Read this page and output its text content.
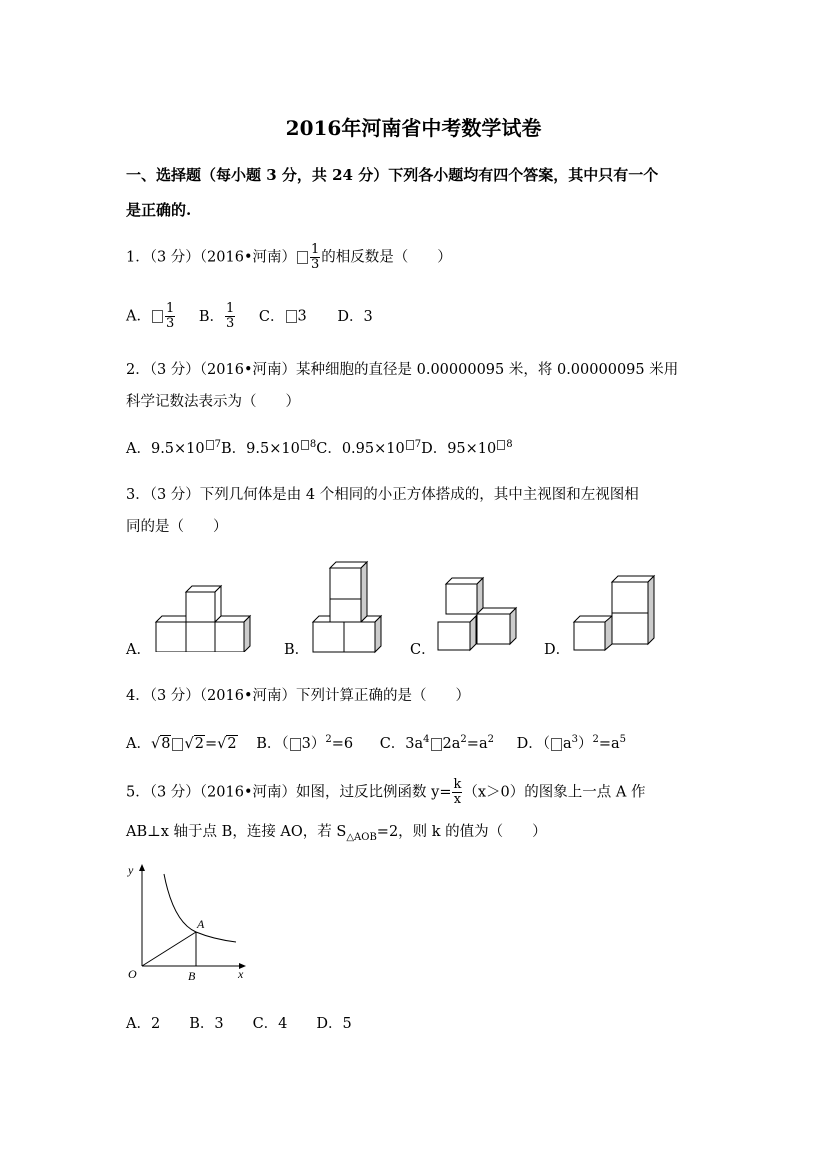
2016年河南省中考数学试卷
一、选择题（每小题 3 分，共 24 分）下列各小题均有四个答案，其中只有一个
是正确的.
1．（3 分）（2016•河南） $\frac{1}{3}$ 的相反数是（　　）
A． $\frac{1}{3}$ B． $\frac{1}{3}$ C． 3 D．3
2．（3 分）（2016•河南）某种细胞的直径是 0.00000095 米，将 0.00000095 米用
科学记数法表示为（　　）
A．9.5×10 $^7$B．9.5×10 $^8$C．0.95×10 $^7$D．95×10 $^8$
3．（3 分）下列几何体是由 4 个相同的小正方体搭成的，其中主视图和左视图相
同的是（　　）
A．	B．	C．	D．
4．（3 分）（2016•河南）下列计算正确的是（　　）
A．√8 √2=√2 B．（ 3）$^2$=6 C．$3a^4$ $2a^2=a^2$ D．（ $a^3)^2=a^5$
5．（3 分）（2016•河南）如图，过反比例函数 $y= \frac{k}{x} (x>0)$的图象上一点 A 作
AB⊥x 轴于点 B，连接 AO，若 $S_{\triangle AOB}=2$，则 k 的值为（　　）
y
x
O
A
B
A．2　　B．3　　C．4　　D．5
